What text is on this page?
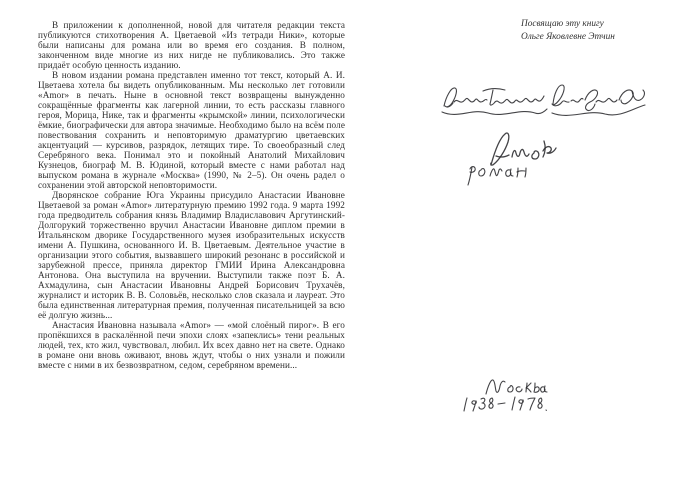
В приложении к дополненной, новой для читателя редакции текста публикуются стихотворения А. Цветаевой «Из тетради Ники», которые были написаны для романа или во время его создания. В полном, законченном виде многие из них нигде не публиковались. Это также придаёт особую ценность изданию.

В новом издании романа представлен именно тот текст, который А. И. Цветаева хотела бы видеть опубликованным. Мы несколько лет готовили «Amor» в печать. Ныне в основной текст возвращены вынужденно сокращённые фрагменты как лагерной линии, то есть рассказы главного героя, Морица, Нике, так и фрагменты «крымской» линии, психологически ёмкие, биографически для автора значимые. Необходимо было на всём поле повествования сохранить и неповторимую драматургию цветаевских акцентуаций — курсивов, разрядок, летящих тире. То своеобразный след Серебряного века. Понимал это и покойный Анатолий Михайлович Кузнецов, биограф М. В. Юдиной, который вместе с нами работал над выпуском романа в журнале «Москва» (1990, № 2–5). Он очень радел о сохранении этой авторской неповторимости.

Дворянское собрание Юга Украины присудило Анастасии Ивановне Цветаевой за роман «Amor» литературную премию 1992 года. 9 марта 1992 года предводитель собрания князь Владимир Владиславович Аргутинский-Долгорукий торжественно вручил Анастасии Ивановне диплом премии в Итальянском дворике Государственного музея изобразительных искусств имени А. Пушкина, основанного И. В. Цветаевым. Деятельное участие в организации этого события, вызвавшего широкий резонанс в российской и зарубежной прессе, приняла директор ГМИИ Ирина Александровна Антонова. Она выступила на вручении. Выступили также поэт Б. А. Ахмадулина, сын Анастасии Ивановны Андрей Борисович Трухачёв, журналист и историк В. В. Соловьёв, несколько слов сказала и лауреат. Это была единственная литературная премия, полученная писательницей за всю её долгую жизнь...

Анастасия Ивановна называла «Amor» — «мой слоёный пирог». В его пропёкшихся в раскалённой печи эпохи слоях «запеклись» тени реальных людей, тех, кто жил, чувствовал, любил. Их всех давно нет на свете. Однако в романе они вновь оживают, вновь ждут, чтобы о них узнали и пожили вместе с ними в их безвозвратном, седом, серебряном времени...

Посвящаю эту книгу
Ольге Яковлевне Этчин
